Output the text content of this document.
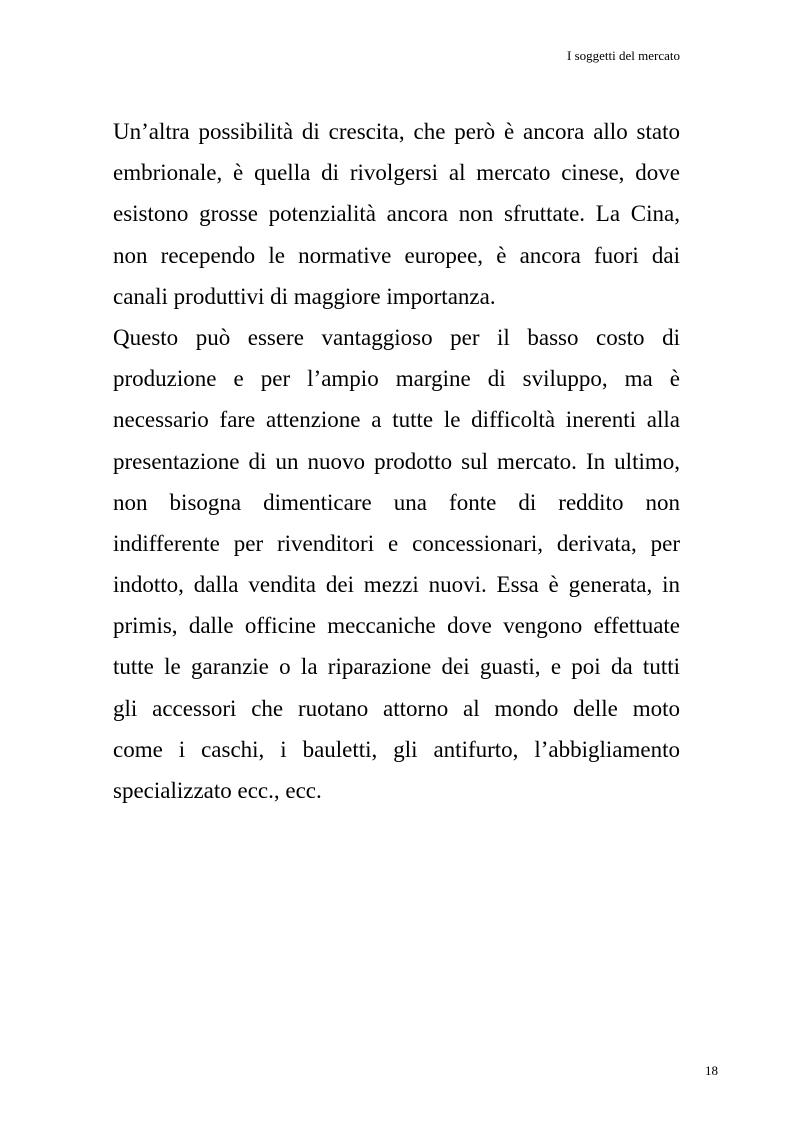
I soggetti del mercato
Un’altra possibilità di crescita, che però è ancora allo stato
embrionale, è quella di rivolgersi al mercato cinese, dove
esistono grosse potenzialità ancora non sfruttate. La Cina,
non recependo le normative europee, è ancora fuori dai
canali produttivi di maggiore importanza.
Questo può essere vantaggioso per il basso costo di
produzione e per l’ampio margine di sviluppo, ma è
necessario fare attenzione a tutte le difficoltà inerenti alla
presentazione di un nuovo prodotto sul mercato. In ultimo,
non bisogna dimenticare una fonte di reddito non
indifferente per rivenditori e concessionari, derivata, per
indotto, dalla vendita dei mezzi nuovi. Essa è generata, in
primis, dalle officine meccaniche dove vengono effettuate
tutte le garanzie o la riparazione dei guasti, e poi da tutti
gli accessori che ruotano attorno al mondo delle moto
come i caschi, i bauletti, gli antifurto, l’abbigliamento
specializzato ecc., ecc.
18
